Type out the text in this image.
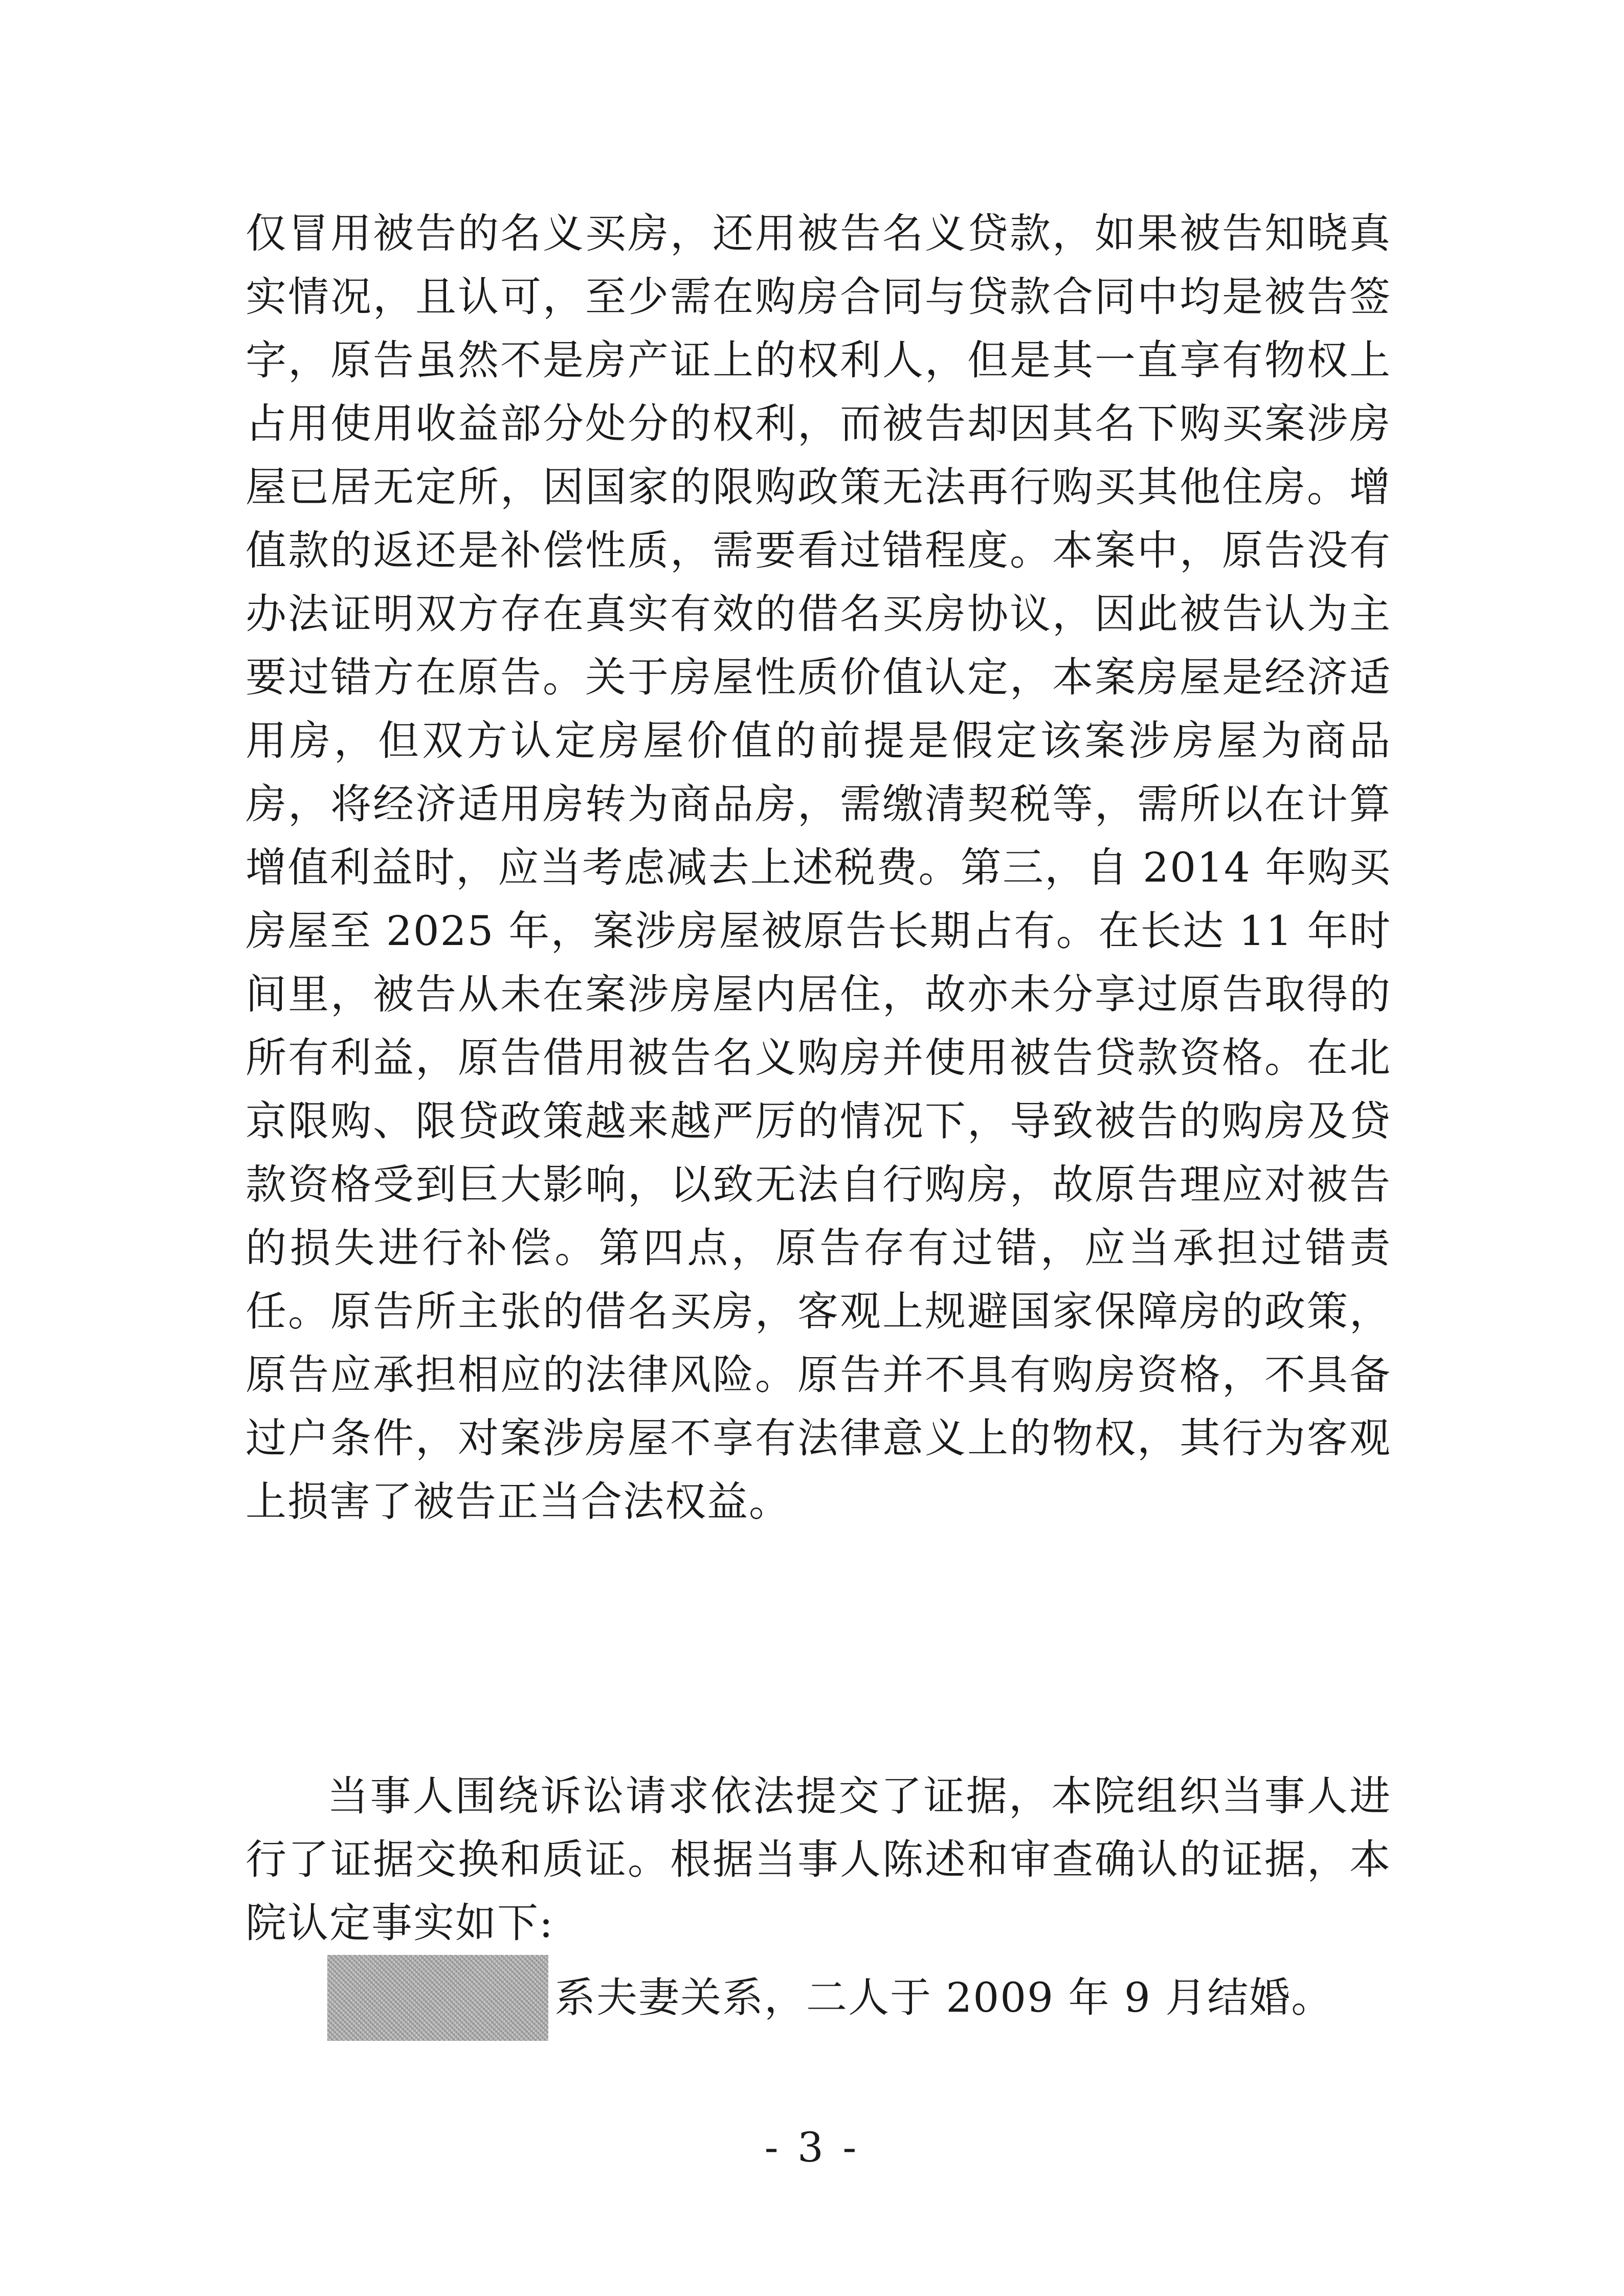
仅冒用被告的名义买房，还用被告名义贷款，如果被告知晓真实情况，且认可，至少需在购房合同与贷款合同中均是被告签字，原告虽然不是房产证上的权利人，但是其一直享有物权上占用使用收益部分处分的权利，而被告却因其名下购买案涉房屋已居无定所，因国家的限购政策无法再行购买其他住房。增值款的返还是补偿性质，需要看过错程度。本案中，原告没有办法证明双方存在真实有效的借名买房协议，因此被告认为主要过错方在原告。关于房屋性质价值认定，本案房屋是经济适用房，但双方认定房屋价值的前提是假定该案涉房屋为商品房，将经济适用房转为商品房，需缴清契税等，需所以在计算增值利益时，应当考虑减去上述税费。第三，自 2014 年购买房屋至 2025 年，案涉房屋被原告长期占有。在长达 11 年时间里，被告从未在案涉房屋内居住，故亦未分享过原告取得的所有利益，原告借用被告名义购房并使用被告贷款资格。在北京限购、限贷政策越来越严厉的情况下，导致被告的购房及贷款资格受到巨大影响，以致无法自行购房，故原告理应对被告的损失进行补偿。第四点，原告存有过错，应当承担过错责任。原告所主张的借名买房，客观上规避国家保障房的政策，原告应承担相应的法律风险。原告并不具有购房资格，不具备过户条件，对案涉房屋不享有法律意义上的物权，其行为客观上损害了被告正当合法权益。
当事人围绕诉讼请求依法提交了证据，本院组织当事人进行了证据交换和质证。根据当事人陈述和审查确认的证据，本院认定事实如下:
系夫妻关系，二人于 2009 年 9 月结婚。
- 3 -
